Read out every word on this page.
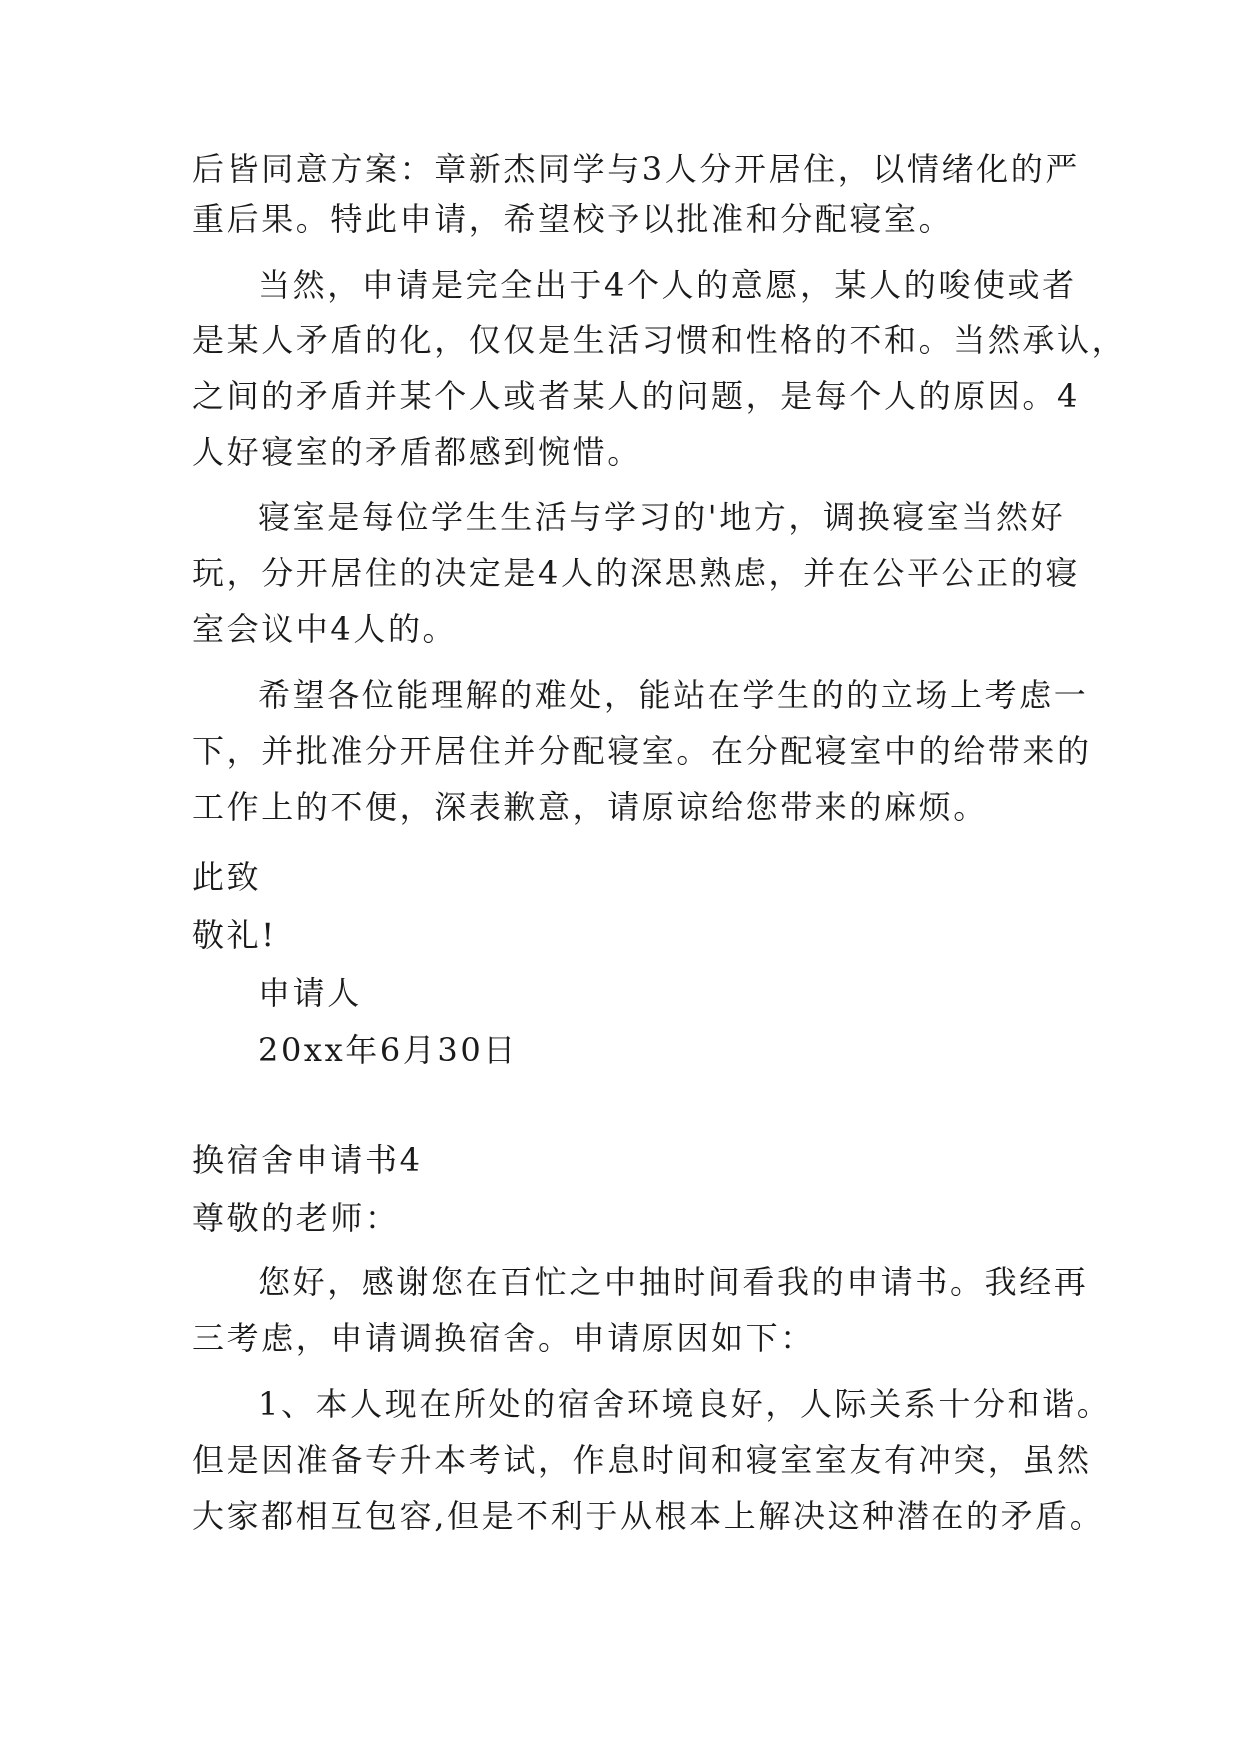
后皆同意方案：章新杰同学与3人分开居住，以情绪化的严
重后果。特此申请，希望校予以批准和分配寝室。
当然，申请是完全出于4个人的意愿，某人的唆使或者
是某人矛盾的化，仅仅是生活习惯和性格的不和。当然承认，
之间的矛盾并某个人或者某人的问题，是每个人的原因。4
人好寝室的矛盾都感到惋惜。
寝室是每位学生生活与学习的'地方，调换寝室当然好
玩，分开居住的决定是4人的深思熟虑，并在公平公正的寝
室会议中4人的。
希望各位能理解的难处，能站在学生的的立场上考虑一
下，并批准分开居住并分配寝室。在分配寝室中的给带来的
工作上的不便，深表歉意，请原谅给您带来的麻烦。
此致
敬礼!
申请人
20xx年6月30日
换宿舍申请书4
尊敬的老师：
您好，感谢您在百忙之中抽时间看我的申请书。我经再
三考虑，申请调换宿舍。申请原因如下：
1、本人现在所处的宿舍环境良好，人际关系十分和谐。
但是因准备专升本考试，作息时间和寝室室友有冲突，虽然
大家都相互包容,但是不利于从根本上解决这种潜在的矛盾。
